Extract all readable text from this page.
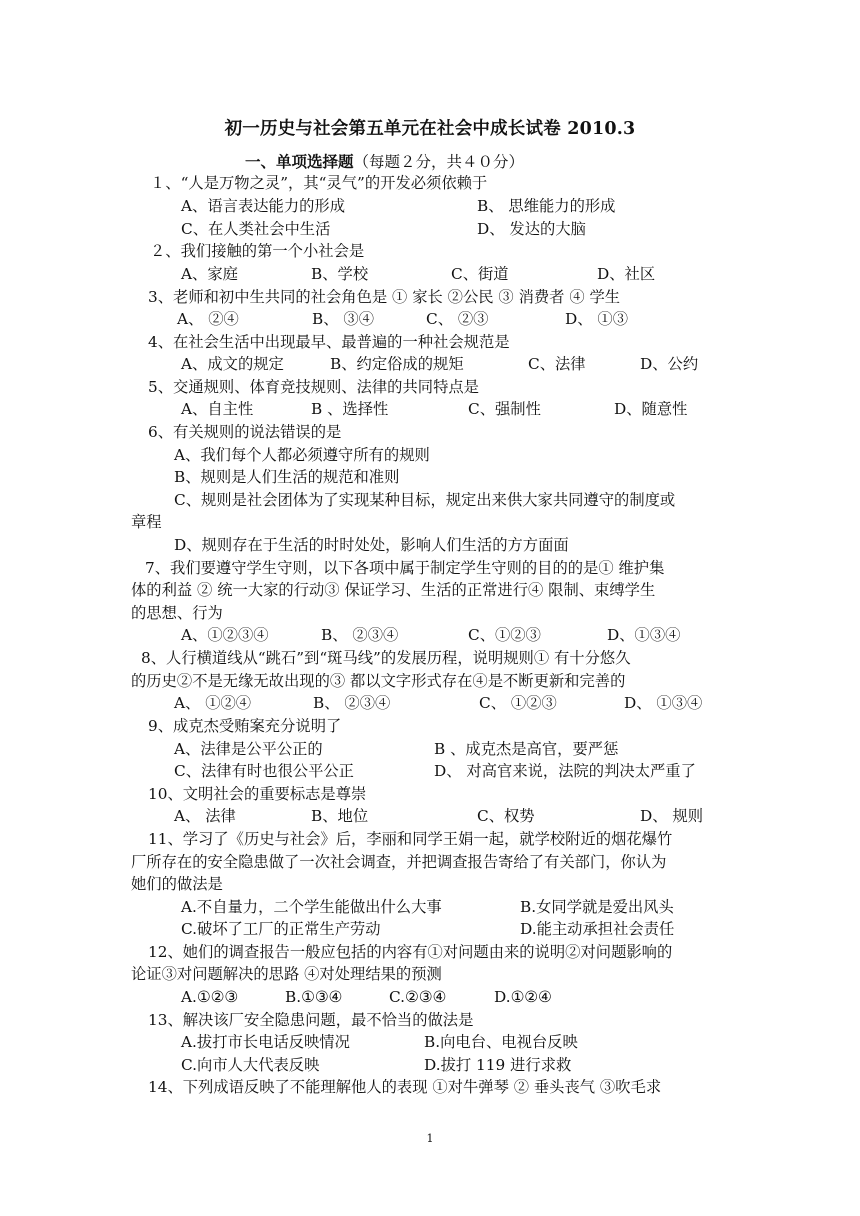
初一历史与社会第五单元在社会中成长试卷 2010.3
一、单项选择题（每题２分，共４０分）
１、“人是万物之灵”，其“灵气”的开发必须依赖于
A、语言表达能力的形成	B、 思维能力的形成
C、在人类社会中生活	D、 发达的大脑
２、我们接触的第一个小社会是
A、家庭	B、学校	C、街道	D、社区
3、老师和初中生共同的社会角色是 ① 家长 ②公民 ③ 消费者 ④ 学生
A、 ②④	B、 ③④	C、 ②③	D、 ①③
4、在社会生活中出现最早、最普遍的一种社会规范是
A、成文的规定	B、约定俗成的规矩	C、法律	D、公约
5、交通规则、体育竞技规则、法律的共同特点是
A、自主性	B 、选择性	C、强制性	D、随意性
6、有关规则的说法错误的是
A、我们每个人都必须遵守所有的规则
B、规则是人们生活的规范和准则
C、规则是社会团体为了实现某种目标，规定出来供大家共同遵守的制度或
章程
D、规则存在于生活的时时处处，影响人们生活的方方面面
7、我们要遵守学生守则，以下各项中属于制定学生守则的目的的是① 维护集
体的利益 ② 统一大家的行动③ 保证学习、生活的正常进行④ 限制、束缚学生
的思想、行为
A、①②③④	B、 ②③④	C、①②③	D、①③④
8、人行横道线从“跳石”到“斑马线”的发展历程，说明规则① 有十分悠久
的历史②不是无缘无故出现的③ 都以文字形式存在④是不断更新和完善的
A、 ①②④	B、 ②③④	C、 ①②③	D、 ①③④
9、成克杰受贿案充分说明了
A、法律是公平公正的	B 、成克杰是高官，要严惩
C、法律有时也很公平公正	D、 对高官来说，法院的判决太严重了
10、文明社会的重要标志是尊崇
A、 法律	B、地位	C、权势	D、 规则
11、学习了《历史与社会》后，李丽和同学王娟一起，就学校附近的烟花爆竹
厂所存在的安全隐患做了一次社会调查，并把调查报告寄给了有关部门，你认为
她们的做法是
A.不自量力，二个学生能做出什么大事	B.女同学就是爱出风头
C.破坏了工厂的正常生产劳动	D.能主动承担社会责任
12、她们的调查报告一般应包括的内容有①对问题由来的说明②对问题影响的
论证③对问题解决的思路 ④对处理结果的预测
A.①②③	B.①③④	C.②③④	D.①②④
13、解决该厂安全隐患问题，最不恰当的做法是
A.拔打市长电话反映情况	B.向电台、电视台反映
C.向市人大代表反映	D.拔打 119 进行求救
14、下列成语反映了不能理解他人的表现 ①对牛弹琴 ② 垂头丧气 ③吹毛求
1
